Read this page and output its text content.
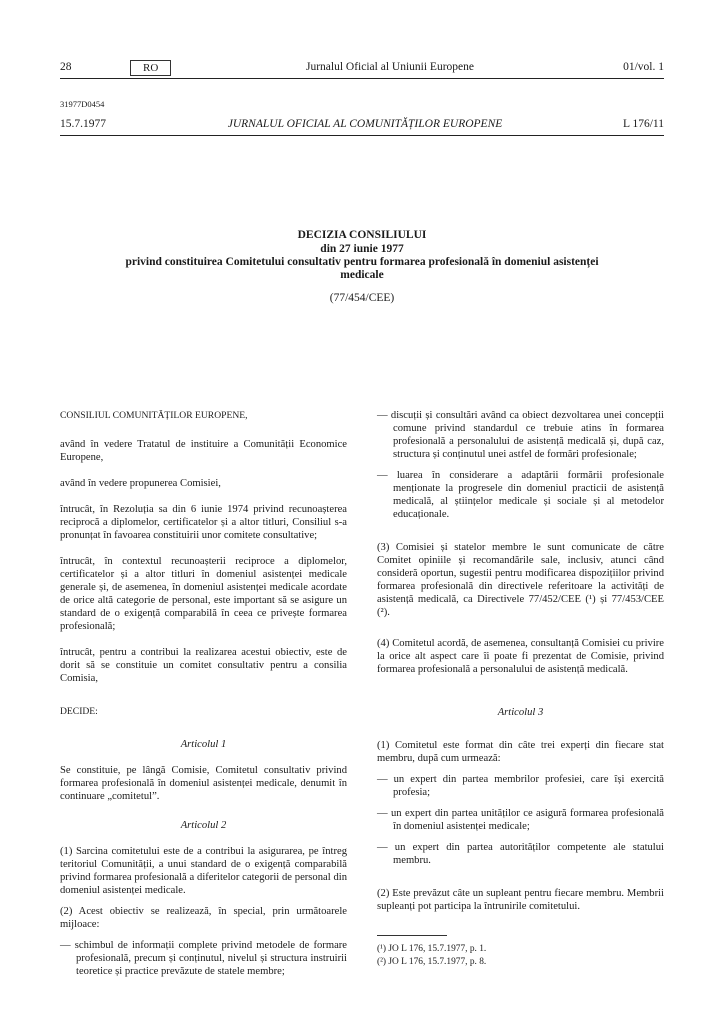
28	RO	Jurnalul Oficial al Uniunii Europene	01/vol. 1
31977D0454
15.7.1977	JURNALUL OFICIAL AL COMUNITĂȚILOR EUROPENE	L 176/11
DECIZIA CONSILIULUI
din 27 iunie 1977
privind constituirea Comitetului consultativ pentru formarea profesională în domeniul asistenței medicale
(77/454/CEE)

CONSILIUL COMUNITĂȚILOR EUROPENE,

având în vedere Tratatul de instituire a Comunității Economice Europene,

având în vedere propunerea Comisiei,

întrucât, în Rezoluția sa din 6 iunie 1974 privind recunoașterea reciprocă a diplomelor, certificatelor și a altor titluri, Consiliul s-a pronunțat în favoarea constituirii unor comitete consultative;

întrucât, în contextul recunoașterii reciproce a diplomelor, certificatelor și a altor titluri în domeniul asistenței medicale generale și, de asemenea, în domeniul asistenței medicale acordate de orice altă categorie de personal, este important să se asigure un standard de o exigență comparabilă în ceea ce privește formarea profesională;

întrucât, pentru a contribui la realizarea acestui obiectiv, este de dorit să se constituie un comitet consultativ pentru a consilia Comisia,

DECIDE:

Articolul 1

Se constituie, pe lângă Comisie, Comitetul consultativ privind formarea profesională în domeniul asistenței medicale, denumit în continuare „comitetul”.

Articolul 2

(1) Sarcina comitetului este de a contribui la asigurarea, pe întreg teritoriul Comunității, a unui standard de o exigență comparabilă privind formarea profesională a diferitelor categorii de personal din domeniul asistenței medicale.

(2) Acest obiectiv se realizează, în special, prin următoarele mijloace:

— schimbul de informații complete privind metodele de formare profesională, precum și conținutul, nivelul și structura instruirii teoretice și practice prevăzute de statele membre;

— discuții și consultări având ca obiect dezvoltarea unei concepții comune privind standardul ce trebuie atins în formarea profesională a personalului de asistență medicală și, după caz, structura și conținutul unei astfel de formări profesionale;

— luarea în considerare a adaptării formării profesionale menționate la progresele din domeniul practicii de asistență medicală, al științelor medicale și sociale și al metodelor educaționale.

(3) Comisiei și statelor membre le sunt comunicate de către Comitet opiniile și recomandările sale, inclusiv, atunci când consideră oportun, sugestii pentru modificarea dispozițiilor privind formarea profesională din directivele referitoare la activități de asistență medicală, ca Directivele 77/452/CEE (¹) și 77/453/CEE (²).

(4) Comitetul acordă, de asemenea, consultanță Comisiei cu privire la orice alt aspect care îi poate fi prezentat de Comisie, privind formarea profesională a personalului de asistență medicală.

Articolul 3

(1) Comitetul este format din câte trei experți din fiecare stat membru, după cum urmează:

— un expert din partea membrilor profesiei, care își exercită profesia;

— un expert din partea unităților ce asigură formarea profesională în domeniul asistenței medicale;

— un expert din partea autorităților competente ale statului membru.

(2) Este prevăzut câte un supleant pentru fiecare membru. Membrii supleanți pot participa la întrunirile comitetului.

(¹) JO L 176, 15.7.1977, p. 1.
(²) JO L 176, 15.7.1977, p. 8.
